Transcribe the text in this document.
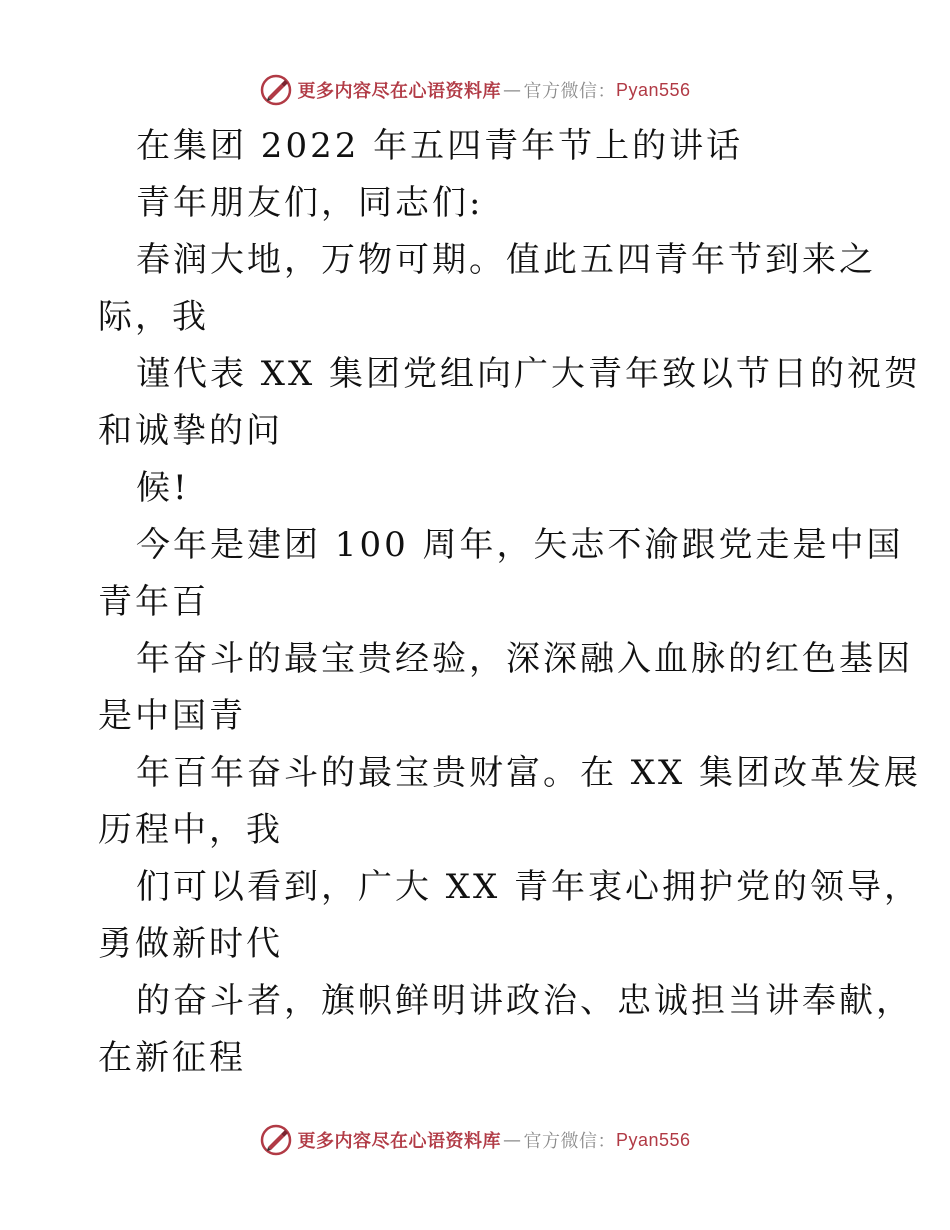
更多内容尽在心语资料库 — 官方微信： Pyan556
在集团 2022 年五四青年节上的讲话
青年朋友们，同志们:
春润大地，万物可期。值此五四青年节到来之
际，我
谨代表 XX 集团党组向广大青年致以节日的祝贺
和诚挚的问
候!
今年是建团 100 周年，矢志不渝跟党走是中国
青年百
年奋斗的最宝贵经验，深深融入血脉的红色基因
是中国青
年百年奋斗的最宝贵财富。在 XX 集团改革发展
历程中，我
们可以看到，广大 XX 青年衷心拥护党的领导，
勇做新时代
的奋斗者，旗帜鲜明讲政治、忠诚担当讲奉献，
在新征程
更多内容尽在心语资料库 — 官方微信： Pyan556
